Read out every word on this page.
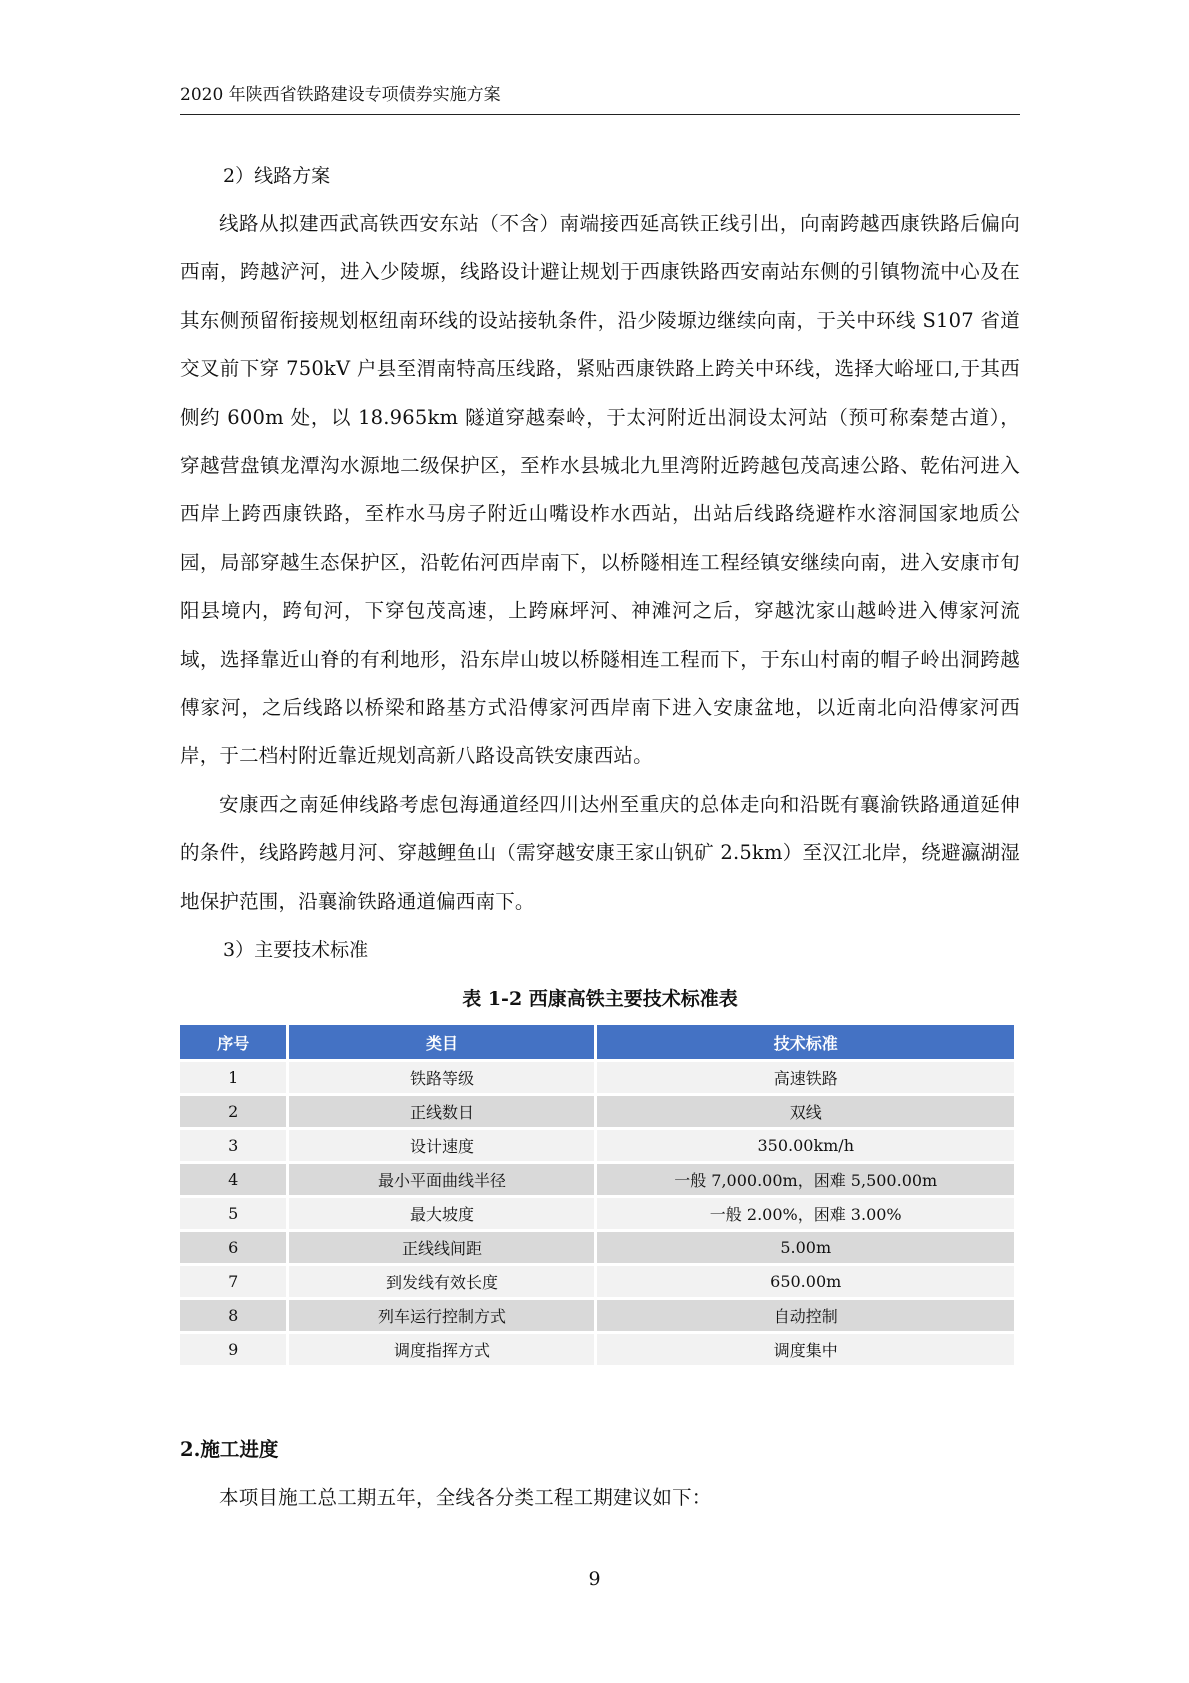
2020 年陕西省铁路建设专项债券实施方案
2）线路方案

线路从拟建西武高铁西安东站（不含）南端接西延高铁正线引出，向南跨越西康铁路后偏向西南，跨越浐河，进入少陵塬，线路设计避让规划于西康铁路西安南站东侧的引镇物流中心及在其东侧预留衔接规划枢纽南环线的设站接轨条件，沿少陵塬边继续向南，于关中环线 S107 省道交叉前下穿 750kV 户县至渭南特高压线路，紧贴西康铁路上跨关中环线，选择大峪垭口,于其西侧约 600m 处，以 18.965km 隧道穿越秦岭，于太河附近出洞设太河站（预可称秦楚古道），穿越营盘镇龙潭沟水源地二级保护区，至柞水县城北九里湾附近跨越包茂高速公路、乾佑河进入西岸上跨西康铁路，至柞水马房子附近山嘴设柞水西站，出站后线路绕避柞水溶洞国家地质公园，局部穿越生态保护区，沿乾佑河西岸南下，以桥隧相连工程经镇安继续向南，进入安康市旬阳县境内，跨旬河，下穿包茂高速，上跨麻坪河、神滩河之后，穿越沈家山越岭进入傅家河流域，选择靠近山脊的有利地形，沿东岸山坡以桥隧相连工程而下，于东山村南的帽子岭出洞跨越傅家河，之后线路以桥梁和路基方式沿傅家河西岸南下进入安康盆地，以近南北向沿傅家河西岸，于二档村附近靠近规划高新八路设高铁安康西站。

安康西之南延伸线路考虑包海通道经四川达州至重庆的总体走向和沿既有襄渝铁路通道延伸的条件，线路跨越月河、穿越鲤鱼山（需穿越安康王家山钒矿 2.5km）至汉江北岸，绕避瀛湖湿地保护范围，沿襄渝铁路通道偏西南下。

3）主要技术标准
表 1-2 西康高铁主要技术标准表
序号	类目	技术标准
1	铁路等级	高速铁路
2	正线数日	双线
3	设计速度	350.00km/h
4	最小平面曲线半径	一般 7,000.00m，困难 5,500.00m
5	最大坡度	一般 2.00%，困难 3.00%
6	正线线间距	5.00m
7	到发线有效长度	650.00m
8	列车运行控制方式	自动控制
9	调度指挥方式	调度集中
2.施工进度

本项目施工总工期五年，全线各分类工程工期建议如下：

9
